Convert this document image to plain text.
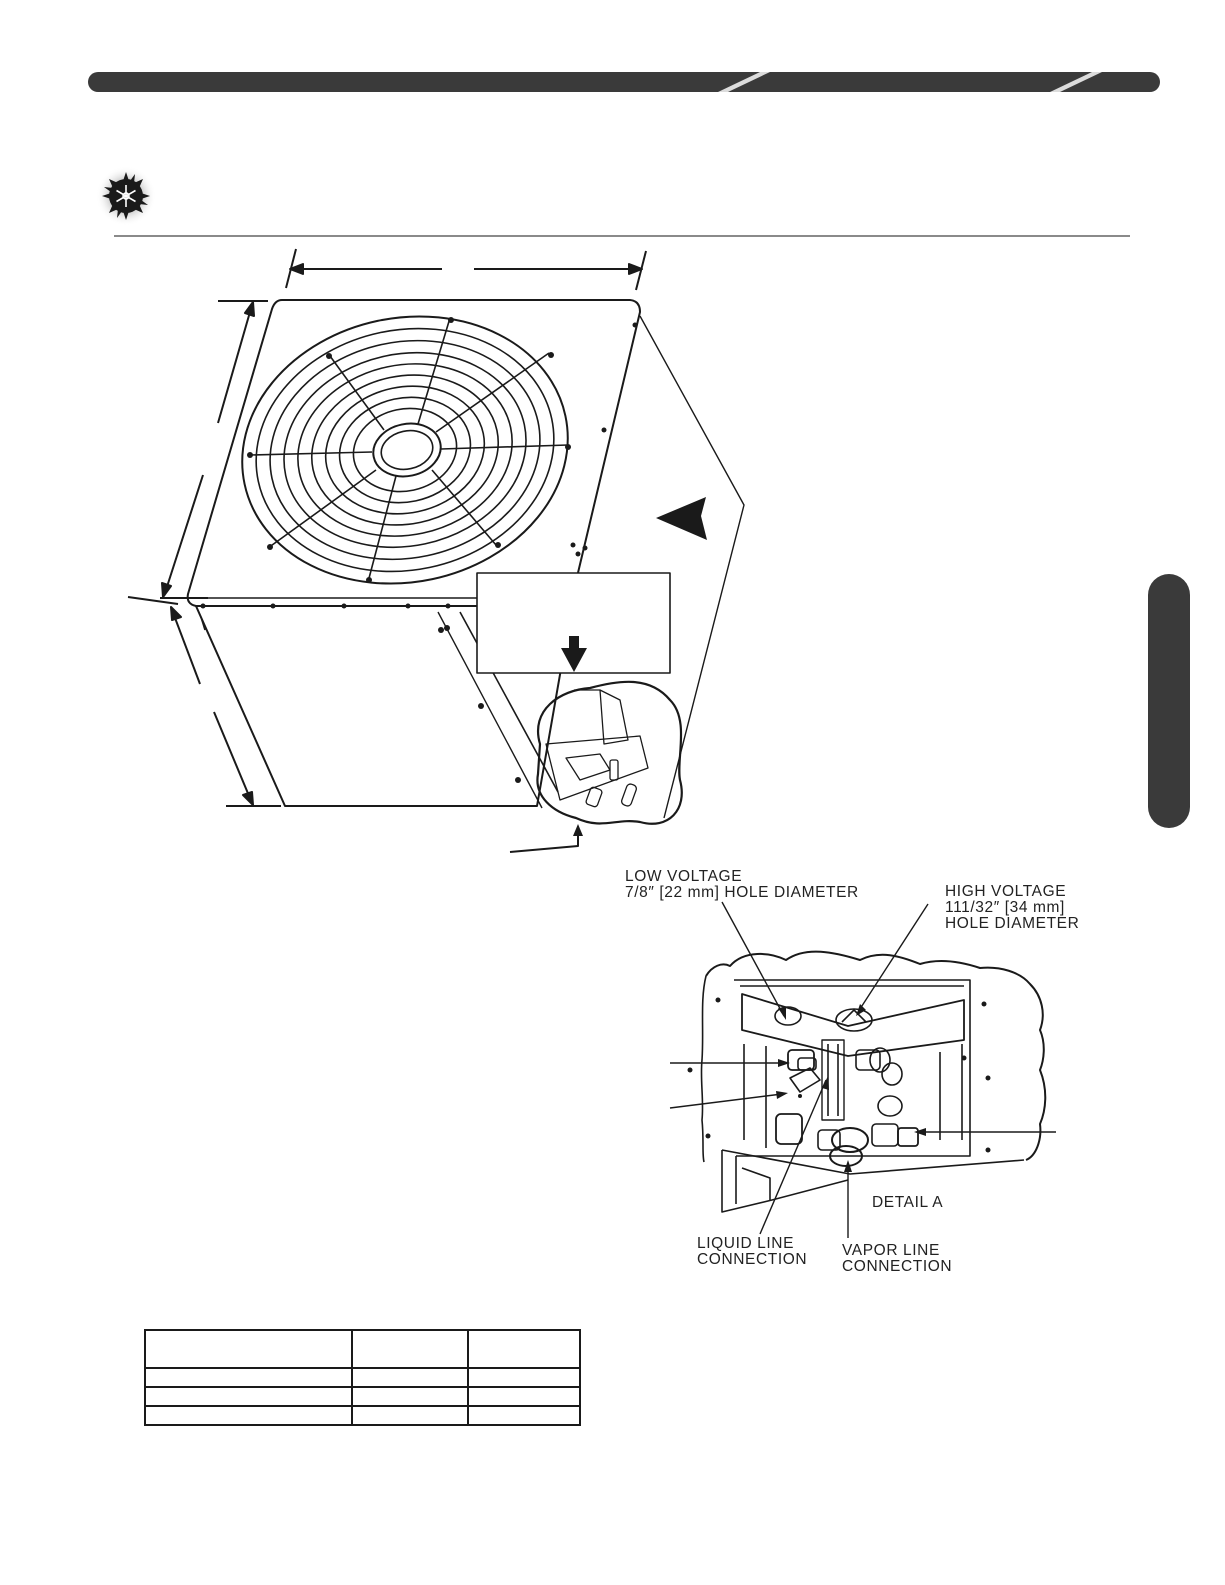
LOW VOLTAGE
7/8″ [22 mm] HOLE DIAMETER	HIGH VOLTAGE
111/32″ [34 mm]
HOLE DIAMETER

DETAIL A

LIQUID LINE
CONNECTION

VAPOR LINE
CONNECTION
